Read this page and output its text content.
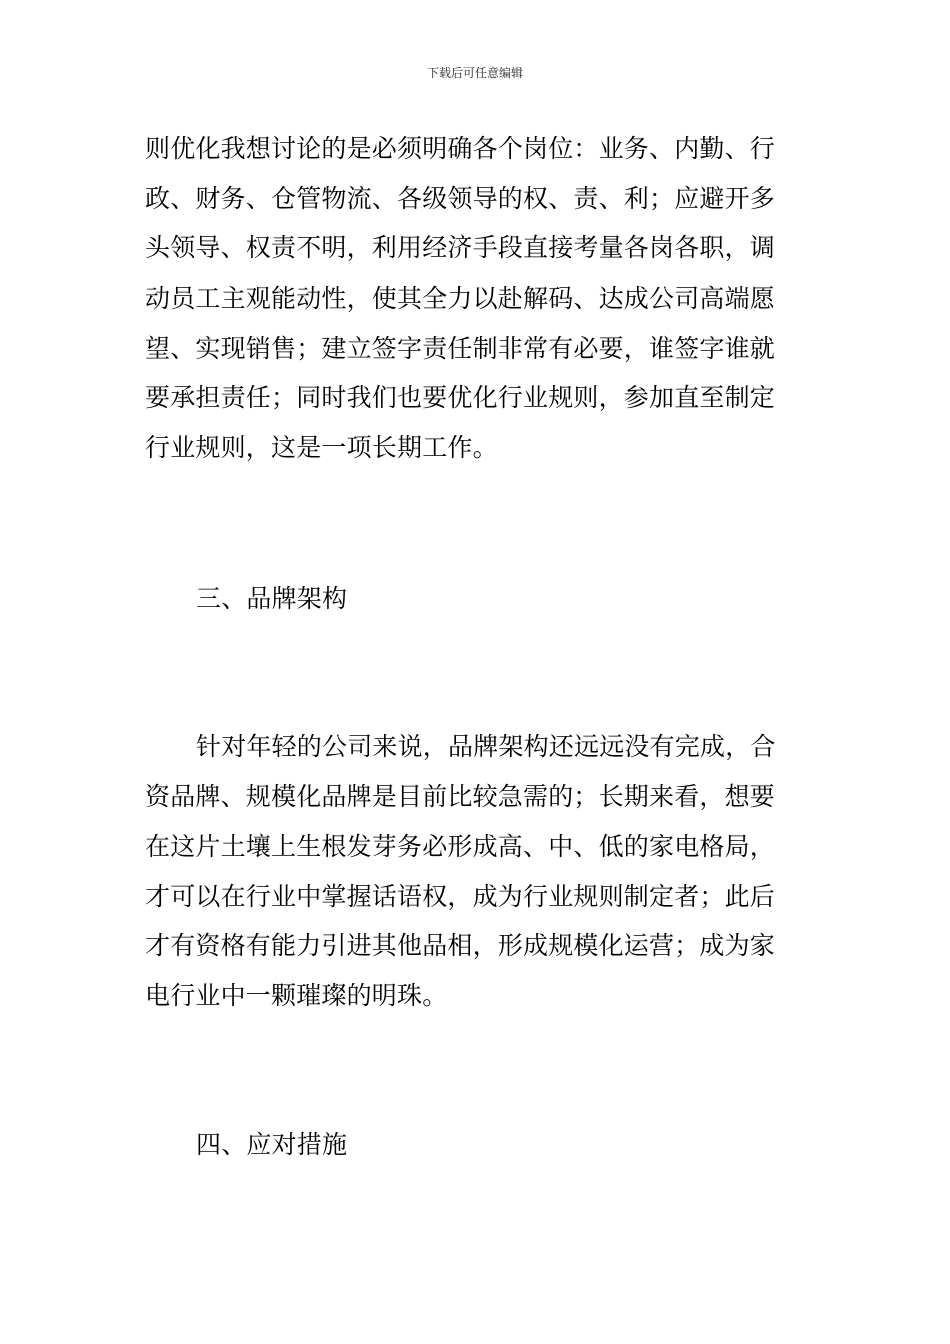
下载后可任意编辑
则优化我想讨论的是必须明确各个岗位：业务、内勤、行
政、财务、仓管物流、各级领导的权、责、利；应避开多
头领导、权责不明，利用经济手段直接考量各岗各职，调
动员工主观能动性，使其全力以赴解码、达成公司高端愿
望、实现销售；建立签字责任制非常有必要，谁签字谁就
要承担责任；同时我们也要优化行业规则，参加直至制定
行业规则，这是一项长期工作。
三、品牌架构
针对年轻的公司来说，品牌架构还远远没有完成，合
资品牌、规模化品牌是目前比较急需的；长期来看，想要
在这片土壤上生根发芽务必形成高、中、低的家电格局，
才可以在行业中掌握话语权，成为行业规则制定者；此后
才有资格有能力引进其他品相，形成规模化运营；成为家
电行业中一颗璀璨的明珠。
四、应对措施
